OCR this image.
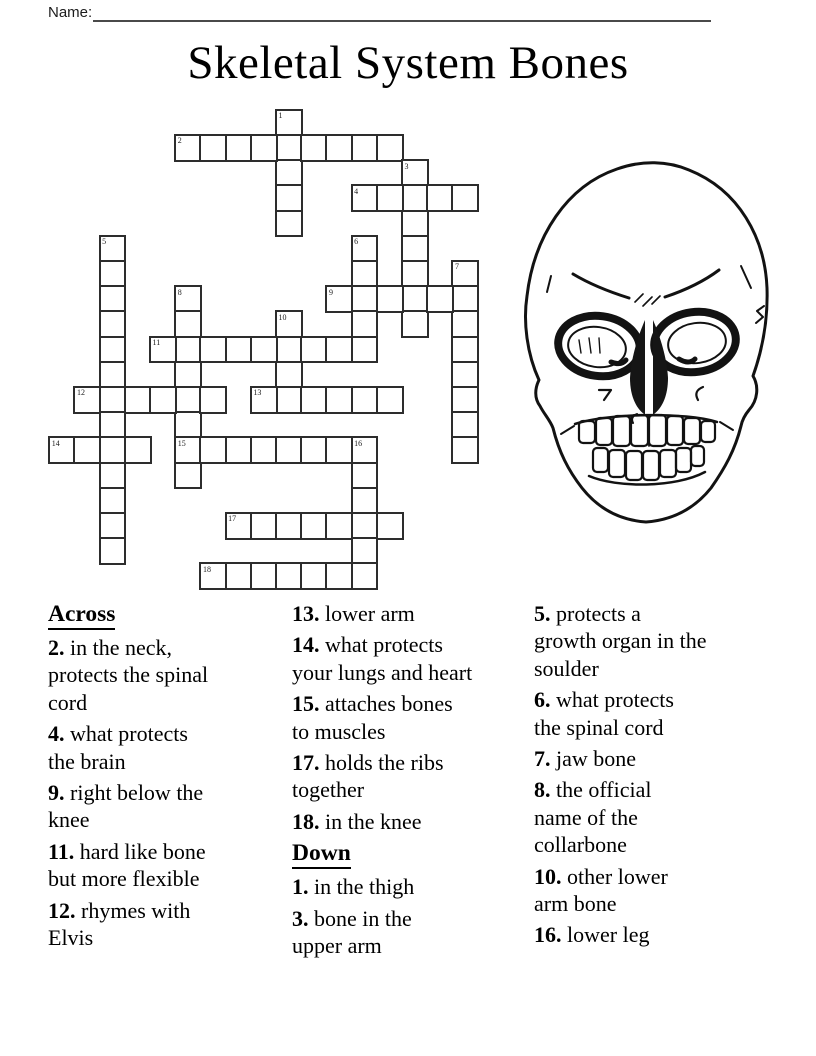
Name:
Skeletal System Bones
1
2
3
4
5	6
7
8
15
9
10
11
12	13
14	16
17
18
Across
2. in the neck,
protects the spinal
cord
4. what protects
the brain
9. right below the
knee
11. hard like bone
but more flexible
12. rhymes with
Elvis
13. lower arm
14. what protects
your lungs and heart
15. attaches bones
to muscles
17. holds the ribs
together
18. in the knee
Down
1. in the thigh
3. bone in the
upper arm
5. protects a
growth organ in the
soulder
6. what protects
the spinal cord
7. jaw bone
8. the official
name of the
collarbone
10. other lower
arm bone
16. lower leg
